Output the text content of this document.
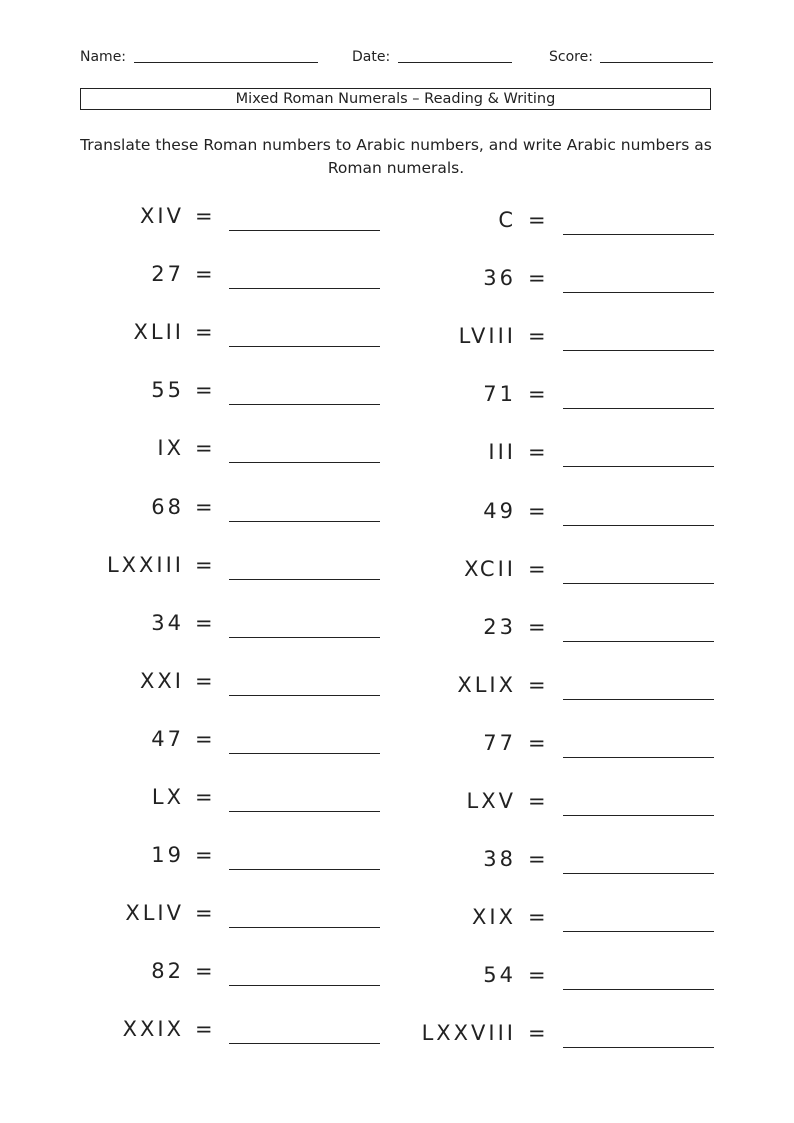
Name:	Date:	Score:
Mixed Roman Numerals – Reading & Writing
Translate these Roman numbers to Arabic numbers, and write Arabic numbers as Roman numerals.
XIV =
27 =
XLII =
55 =
IX =
68 =
LXXIII =
34 =
XXI =
47 =
LX =
19 =
XLIV =
82 =
XXIX =
C =
36 =
LVIII =
71 =
III =
49 =
XCII =
23 =
XLIX =
77 =
LXV =
38 =
XIX =
54 =
LXXVIII =
